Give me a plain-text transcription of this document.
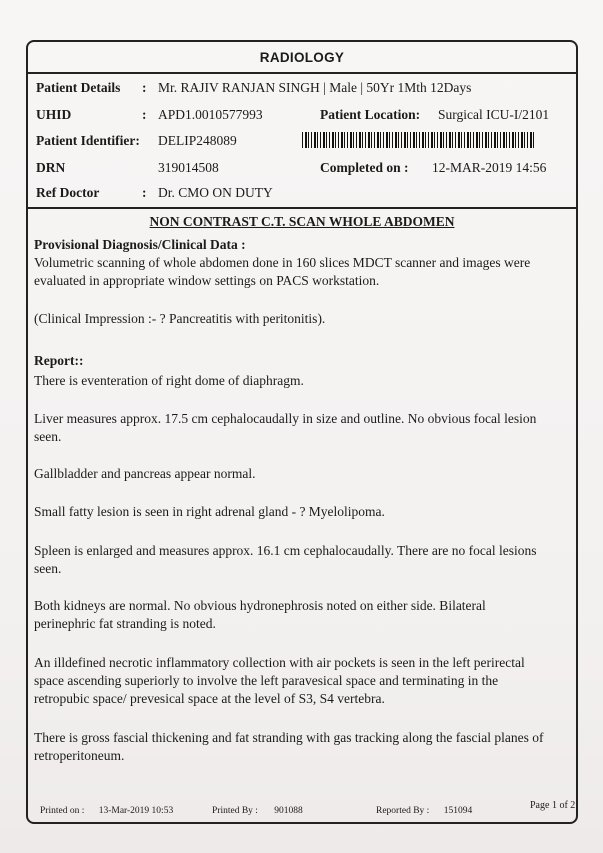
RADIOLOGY
Patient Details : Mr. RAJIV RANJAN SINGH | Male | 50Yr 1Mth 12Days
UHID	: APD1.0010577993	Patient Location: Surgical ICU-I/2101
Patient Identifier: DELIP248089
DRN	319014508	Completed on : 12-MAR-2019 14:56
Ref Doctor	: Dr. CMO ON DUTY
NON CONTRAST C.T. SCAN WHOLE ABDOMEN
Provisional Diagnosis/Clinical Data :
Volumetric scanning of whole abdomen done in 160 slices MDCT scanner and images were evaluated in appropriate window settings on PACS workstation.
(Clinical Impression :- ? Pancreatitis with peritonitis).
Report::
There is eventeration of right dome of diaphragm.
Liver measures approx. 17.5 cm cephalocaudally in size and outline. No obvious focal lesion seen.
Gallbladder and pancreas appear normal.
Small fatty lesion is seen in right adrenal gland - ? Myelolipoma.
Spleen is enlarged and measures approx. 16.1 cm cephalocaudally. There are no focal lesions seen.
Both kidneys are normal. No obvious hydronephrosis noted on either side. Bilateral perinephric fat stranding is noted.
An illdefined necrotic inflammatory collection with air pockets is seen in the left perirectal space ascending superiorly to involve the left paravesical space and terminating in the retropubic space/ prevesical space at the level of S3, S4 vertebra.
There is gross fascial thickening and fat stranding with gas tracking along the fascial planes of retroperitoneum.
Printed on : 13-Mar-2019 10:53	Printed By : 901088	Reported By : 151094	Page 1 of 2
